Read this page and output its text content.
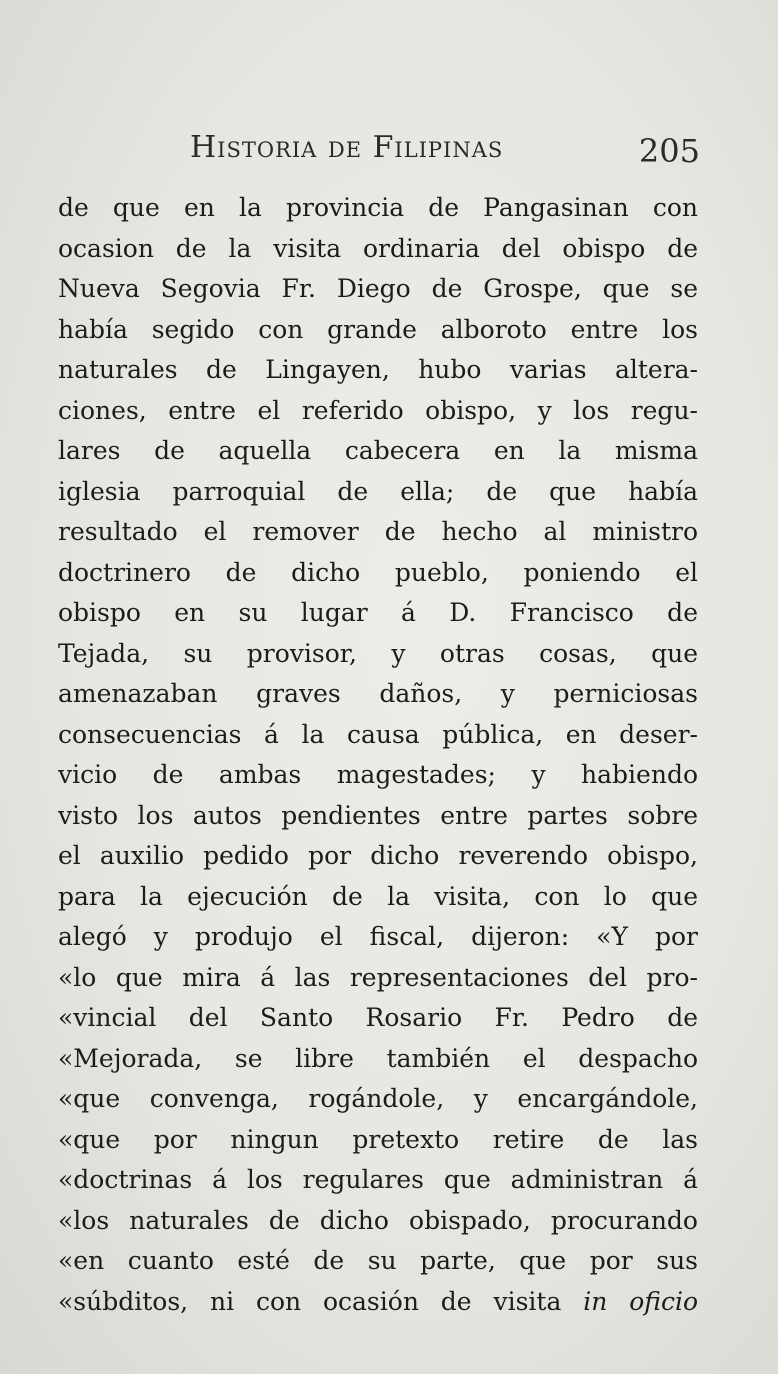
Historia de Filipinas	205
de que en la provincia de Pangasinan con
ocasion de la visita ordinaria del obispo de
Nueva Segovia Fr. Diego de Grospe, que se
había segido con grande alboroto entre los
naturales de Lingayen, hubo varias altera-
ciones, entre el referido obispo, y los regu-
lares de aquella cabecera en la misma
iglesia parroquial de ella; de que había
resultado el remover de hecho al ministro
doctrinero de dicho pueblo, poniendo el
obispo en su lugar á D. Francisco de
Tejada, su provisor, y otras cosas, que
amenazaban graves daños, y perniciosas
consecuencias á la causa pública, en deser-
vicio de ambas magestades; y habiendo
visto los autos pendientes entre partes sobre
el auxilio pedido por dicho reverendo obispo,
para la ejecución de la visita, con lo que
alegó y produjo el fiscal, dijeron: «Y por
«lo que mira á las representaciones del pro-
«vincial del Santo Rosario Fr. Pedro de
«Mejorada, se libre también el despacho
«que convenga, rogándole, y encargándole,
«que por ningun pretexto retire de las
«doctrinas á los regulares que administran á
«los naturales de dicho obispado, procurando
«en cuanto esté de su parte, que por sus
«súbditos, ni con ocasión de visita in oficio
